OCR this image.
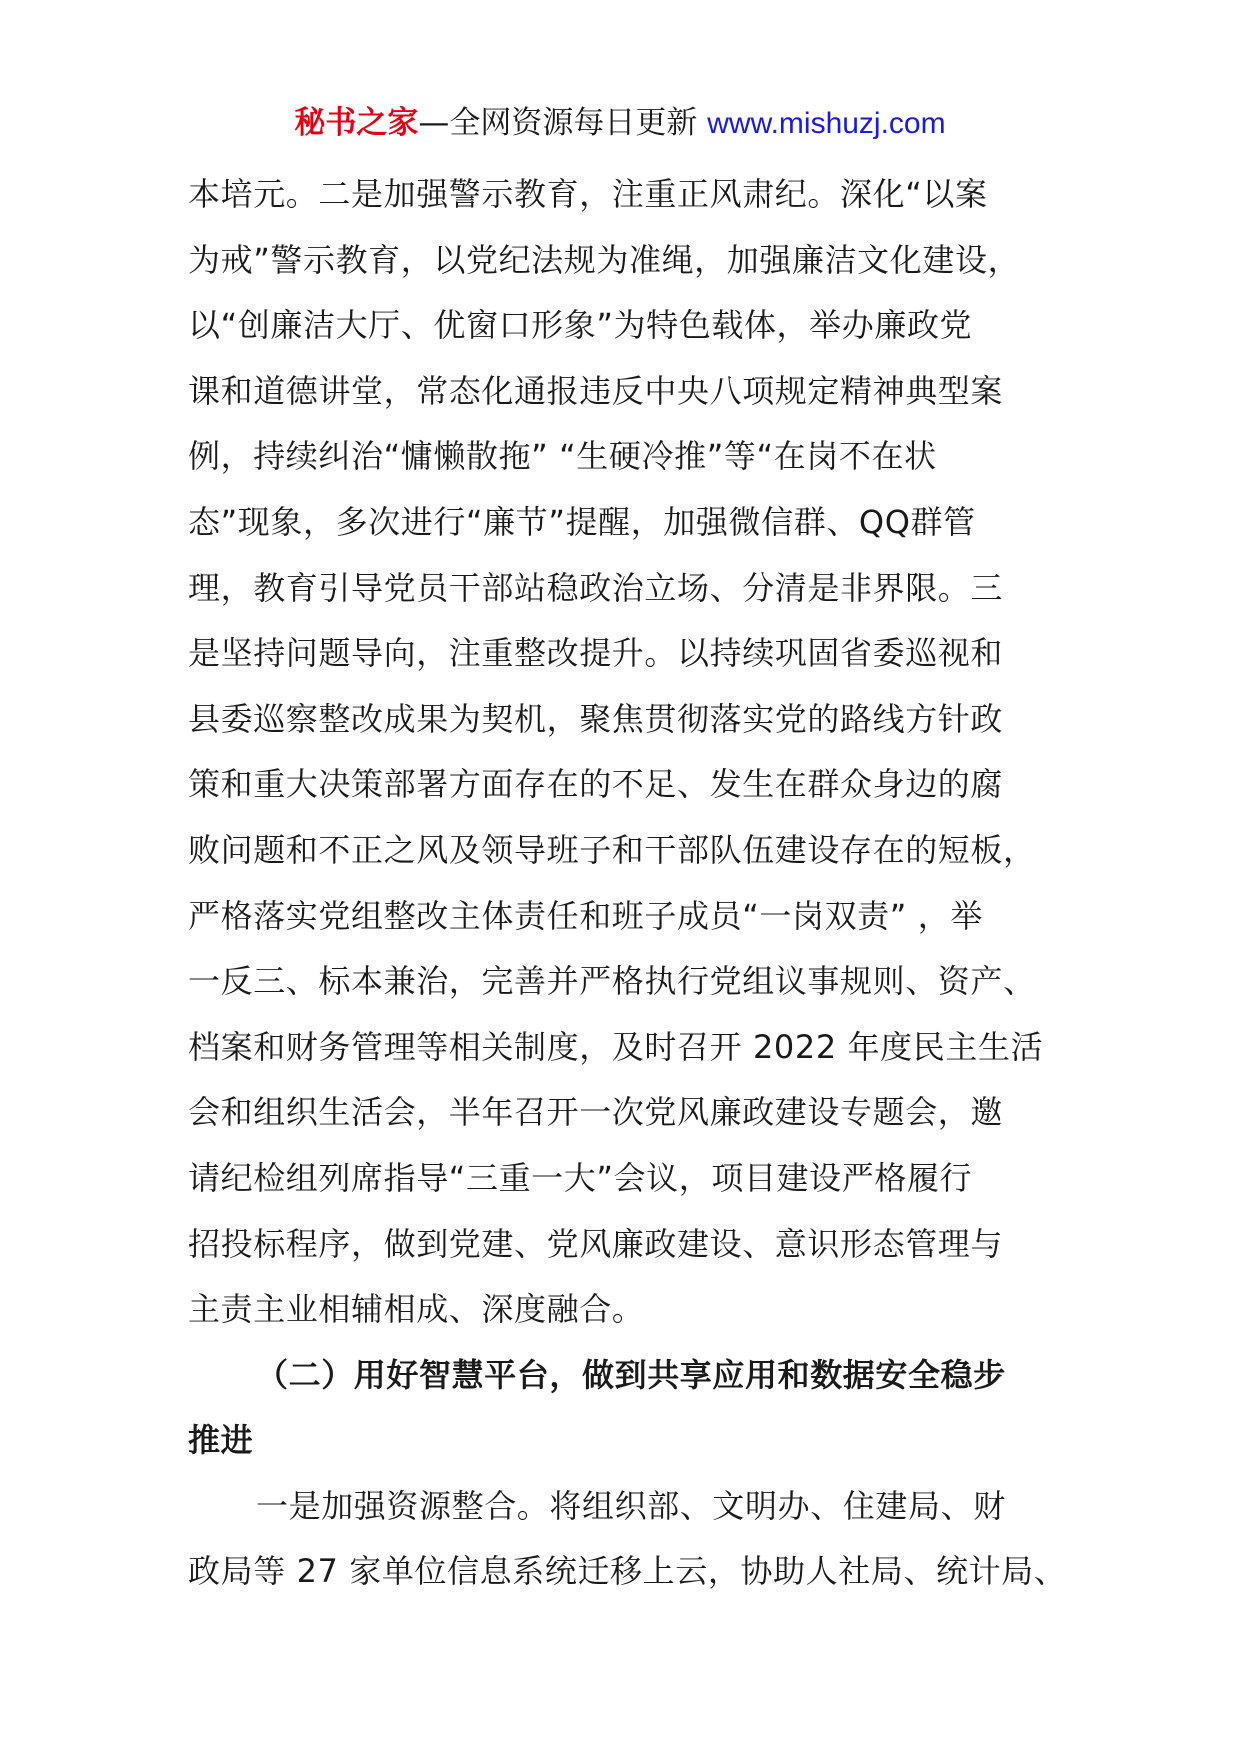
秘书之家—全网资源每日更新 www.mishuzj.com
本培元。二是加强警示教育，注重正风肃纪。深化“以案
为戒”警示教育，以党纪法规为准绳，加强廉洁文化建设，
以“创廉洁大厅、优窗口形象”为特色载体，举办廉政党
课和道德讲堂，常态化通报违反中央八项规定精神典型案
例，持续纠治“慵懒散拖” “生硬冷推”等“在岗不在状
态”现象，多次进行“廉节”提醒，加强微信群、QQ群管
理，教育引导党员干部站稳政治立场、分清是非界限。三
是坚持问题导向，注重整改提升。以持续巩固省委巡视和
县委巡察整改成果为契机，聚焦贯彻落实党的路线方针政
策和重大决策部署方面存在的不足、发生在群众身边的腐
败问题和不正之风及领导班子和干部队伍建设存在的短板，
严格落实党组整改主体责任和班子成员“一岗双责” ，举
一反三、标本兼治，完善并严格执行党组议事规则、资产、
档案和财务管理等相关制度，及时召开 2022 年度民主生活
会和组织生活会，半年召开一次党风廉政建设专题会，邀
请纪检组列席指导“三重一大”会议，项目建设严格履行
招投标程序，做到党建、党风廉政建设、意识形态管理与
主责主业相辅相成、深度融合。
（二）用好智慧平台，做到共享应用和数据安全稳步
推进
一是加强资源整合。将组织部、文明办、住建局、财
政局等 27 家单位信息系统迁移上云，协助人社局、统计局、
